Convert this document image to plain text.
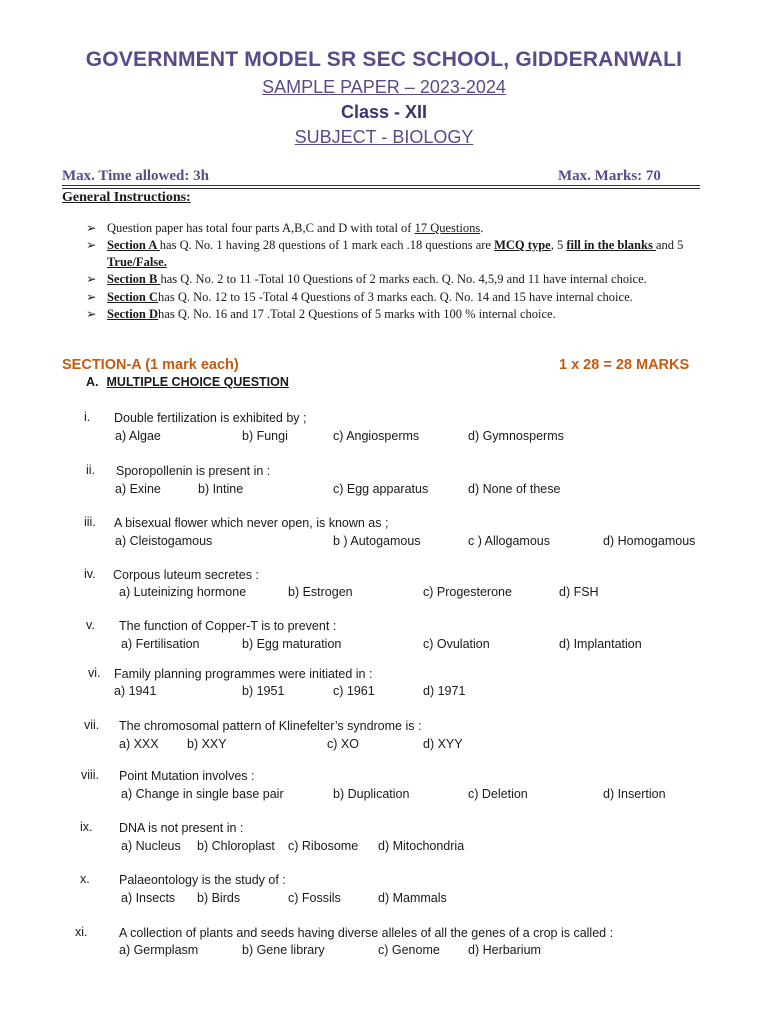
GOVERNMENT MODEL SR SEC SCHOOL, GIDDERANWALI
SAMPLE PAPER – 2023-2024
Class - XII
SUBJECT - BIOLOGY
Max. Time allowed: 3h	Max. Marks: 70
General Instructions:
➢ Question paper has total four parts A,B,C and D with total of 17 Questions.
➢ Section A has Q. No. 1 having 28 questions of 1 mark each .18 questions are MCQ type, 5 fill in the blanks and 5 True/False.
➢ Section B has Q. No. 2 to 11 -Total 10 Questions of 2 marks each. Q. No. 4,5,9 and 11 have internal choice.
➢ Section Chas Q. No. 12 to 15 -Total 4 Questions of 3 marks each. Q. No. 14 and 15 have internal choice.
➢ Section Dhas Q. No. 16 and 17 .Total 2 Questions of 5 marks with 100 % internal choice.
SECTION-A (1 mark each)	1 x 28 = 28 MARKS
A. MULTIPLE CHOICE QUESTION
i. Double fertilization is exhibited by ;
a) Algae	b) Fungi	c) Angiosperms	d) Gymnosperms
ii. Sporopollenin is present in :
a) Exine	b) Intine	c) Egg apparatus	d) None of these
iii. A bisexual flower which never open, is known as ;
a) Cleistogamous	b ) Autogamous	c ) Allogamous	d) Homogamous
iv. Corpous luteum secretes :
a) Luteinizing hormone	b) Estrogen	c) Progesterone	d) FSH
v. The function of Copper-T is to prevent :
a) Fertilisation	b) Egg maturation	c) Ovulation	d) Implantation
vi. Family planning programmes were initiated in :
a) 1941	b) 1951	c) 1961	d) 1971
vii. The chromosomal pattern of Klinefelter’s syndrome is :
a) XXX b) XXY	c) XO	d) XYY
viii. Point Mutation involves :
a) Change in single base pair	b) Duplication	c) Deletion	d) Insertion
ix. DNA is not present in :
a) Nucleus b) Chloroplast c) Ribosome d) Mitochondria
x. Palaeontology is the study of :
a) Insects b) Birds	c) Fossils	d) Mammals
xi.	A collection of plants and seeds having diverse alleles of all the genes of a crop is called :
a) Germplasm	b) Gene library	c) Genome d) Herbarium
